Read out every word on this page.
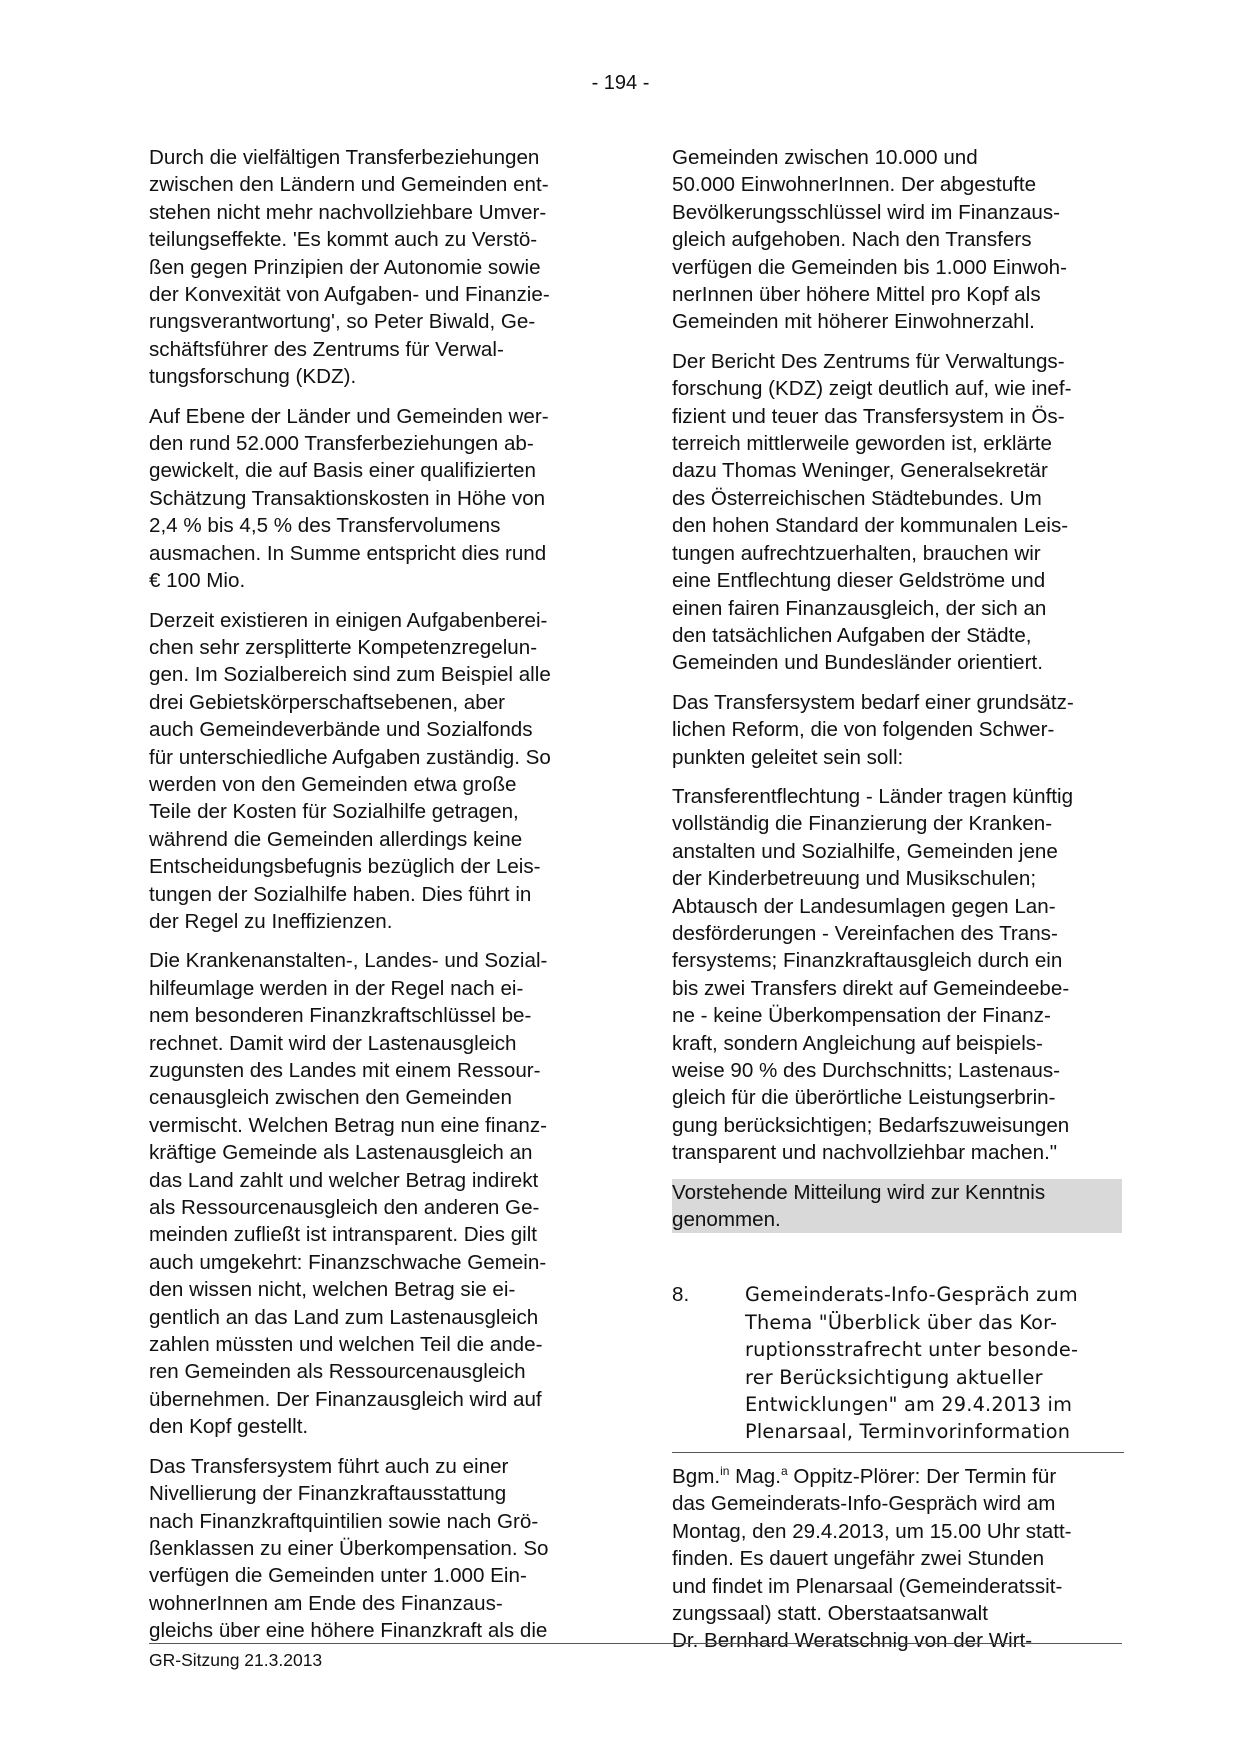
- 194 -
Durch die vielfältigen Transferbeziehungen
zwischen den Ländern und Gemeinden ent-
stehen nicht mehr nachvollziehbare Umver-
teilungseffekte. 'Es kommt auch zu Verstö-
ßen gegen Prinzipien der Autonomie sowie
der Konvexität von Aufgaben- und Finanzie-
rungsverantwortung', so Peter Biwald, Ge-
schäftsführer des Zentrums für Verwal-
tungsforschung (KDZ).
Auf Ebene der Länder und Gemeinden wer-
den rund 52.000 Transferbeziehungen ab-
gewickelt, die auf Basis einer qualifizierten
Schätzung Transaktionskosten in Höhe von
2,4 % bis 4,5 % des Transfervolumens
ausmachen. In Summe entspricht dies rund
€ 100 Mio.
Derzeit existieren in einigen Aufgabenberei-
chen sehr zersplitterte Kompetenzregelun-
gen. Im Sozialbereich sind zum Beispiel alle
drei Gebietskörperschaftsebenen, aber
auch Gemeindeverbände und Sozialfonds
für unterschiedliche Aufgaben zuständig. So
werden von den Gemeinden etwa große
Teile der Kosten für Sozialhilfe getragen,
während die Gemeinden allerdings keine
Entscheidungsbefugnis bezüglich der Leis-
tungen der Sozialhilfe haben. Dies führt in
der Regel zu Ineffizienzen.
Die Krankenanstalten-, Landes- und Sozial-
hilfeumlage werden in der Regel nach ei-
nem besonderen Finanzkraftschlüssel be-
rechnet. Damit wird der Lastenausgleich
zugunsten des Landes mit einem Ressour-
cenausgleich zwischen den Gemeinden
vermischt. Welchen Betrag nun eine finanz-
kräftige Gemeinde als Lastenausgleich an
das Land zahlt und welcher Betrag indirekt
als Ressourcenausgleich den anderen Ge-
meinden zufließt ist intransparent. Dies gilt
auch umgekehrt: Finanzschwache Gemein-
den wissen nicht, welchen Betrag sie ei-
gentlich an das Land zum Lastenausgleich
zahlen müssten und welchen Teil die ande-
ren Gemeinden als Ressourcenausgleich
übernehmen. Der Finanzausgleich wird auf
den Kopf gestellt.
Das Transfersystem führt auch zu einer
Nivellierung der Finanzkraftausstattung
nach Finanzkraftquintilien sowie nach Grö-
ßenklassen zu einer Überkompensation. So
verfügen die Gemeinden unter 1.000 Ein-
wohnerInnen am Ende des Finanzaus-
gleichs über eine höhere Finanzkraft als die
Gemeinden zwischen 10.000 und
50.000 EinwohnerInnen. Der abgestufte
Bevölkerungsschlüssel wird im Finanzaus-
gleich aufgehoben. Nach den Transfers
verfügen die Gemeinden bis 1.000 Einwoh-
nerInnen über höhere Mittel pro Kopf als
Gemeinden mit höherer Einwohnerzahl.
Der Bericht Des Zentrums für Verwaltungs-
forschung (KDZ) zeigt deutlich auf, wie inef-
fizient und teuer das Transfersystem in Ös-
terreich mittlerweile geworden ist, erklärte
dazu Thomas Weninger, Generalsekretär
des Österreichischen Städtebundes. Um
den hohen Standard der kommunalen Leis-
tungen aufrechtzuerhalten, brauchen wir
eine Entflechtung dieser Geldströme und
einen fairen Finanzausgleich, der sich an
den tatsächlichen Aufgaben der Städte,
Gemeinden und Bundesländer orientiert.
Das Transfersystem bedarf einer grundsätz-
lichen Reform, die von folgenden Schwer-
punkten geleitet sein soll:
Transferentflechtung - Länder tragen künftig
vollständig die Finanzierung der Kranken-
anstalten und Sozialhilfe, Gemeinden jene
der Kinderbetreuung und Musikschulen;
Abtausch der Landesumlagen gegen Lan-
desförderungen - Vereinfachen des Trans-
fersystems; Finanzkraftausgleich durch ein
bis zwei Transfers direkt auf Gemeindeebe-
ne - keine Überkompensation der Finanz-
kraft, sondern Angleichung auf beispiels-
weise 90 % des Durchschnitts; Lastenaus-
gleich für die überörtliche Leistungserbrin-
gung berücksichtigen; Bedarfszuweisungen
transparent und nachvollziehbar machen."
Vorstehende Mitteilung wird zur Kenntnis
genommen.
8.	Gemeinderats-Info-Gespräch zum
Thema "Überblick über das Kor-
ruptionsstrafrecht unter besonde-
rer Berücksichtigung aktueller
Entwicklungen" am 29.4.2013 im
Plenarsaal, Terminvorinformation
Bgm.$^{in}$ Mag.$^a$ Oppitz-Plörer: Der Termin für
das Gemeinderats-Info-Gespräch wird am
Montag, den 29.4.2013, um 15.00 Uhr statt-
finden. Es dauert ungefähr zwei Stunden
und findet im Plenarsaal (Gemeinderatssit-
zungssaal) statt. Oberstaatsanwalt
Dr. Bernhard Weratschnig von der Wirt-
GR-Sitzung 21.3.2013
